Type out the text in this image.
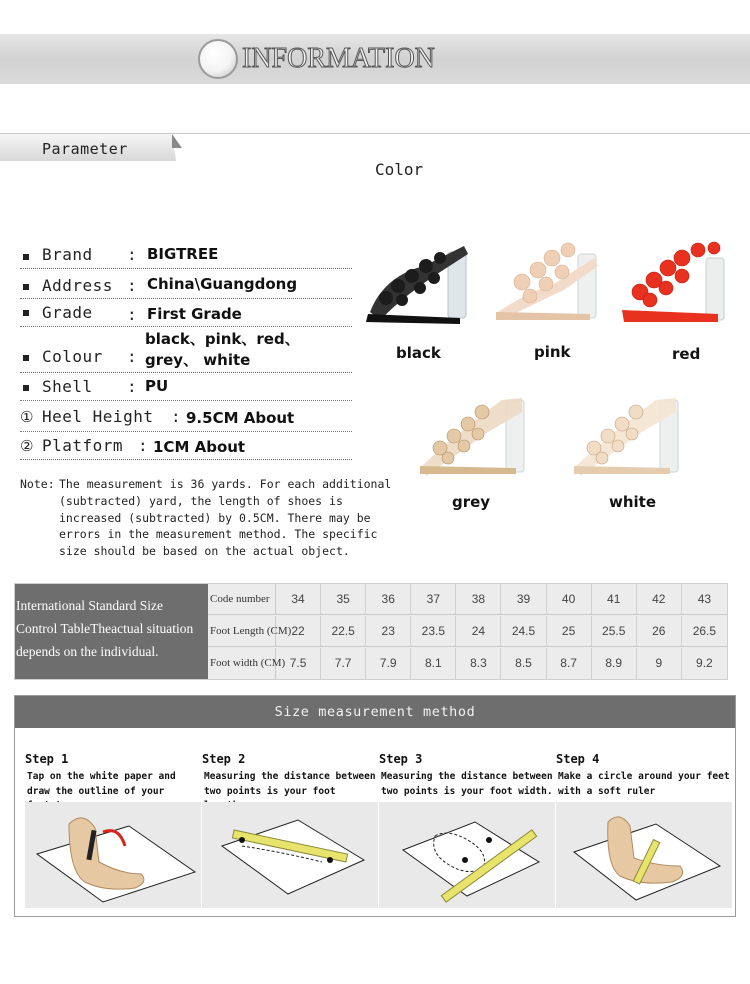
INFORMATION
Parameter
Color
Brand : BIGTREE
Address : China\Guangdong
Grade : First Grade
Colour :
black、pink、red、grey、 white
Shell : PU
① Heel Height : 9.5CM About
② Platform : 1CM About
Note: The measurement is 36 yards. For each additional (subtracted) yard, the length of shoes is increased (subtracted) by 0.5CM. There may be errors in the measurement method. The specific size should be based on the actual object.
black	pink	red
grey	white
International Standard Size Control TableTheactual situation depends on the individual.
Code number	34	35	36	37	38	39	40	41	42	43
Foot Length (CM) 22	22.5	23	23.5	24	24.5	25	25.5	26	26.5
Foot width (CM) 7.5	7.7	7.9	8.1	8.3	8.5	8.7	8.9	9	9.2
Size measurement method
Step 1
Tap on the white paper and draw the outline of your footsteps
Step 2
Measuring the distance between two points is your foot length.
Step 3
Measuring the distance between two points is your foot width.
Step 4
Make a circle around your feet with a soft ruler
